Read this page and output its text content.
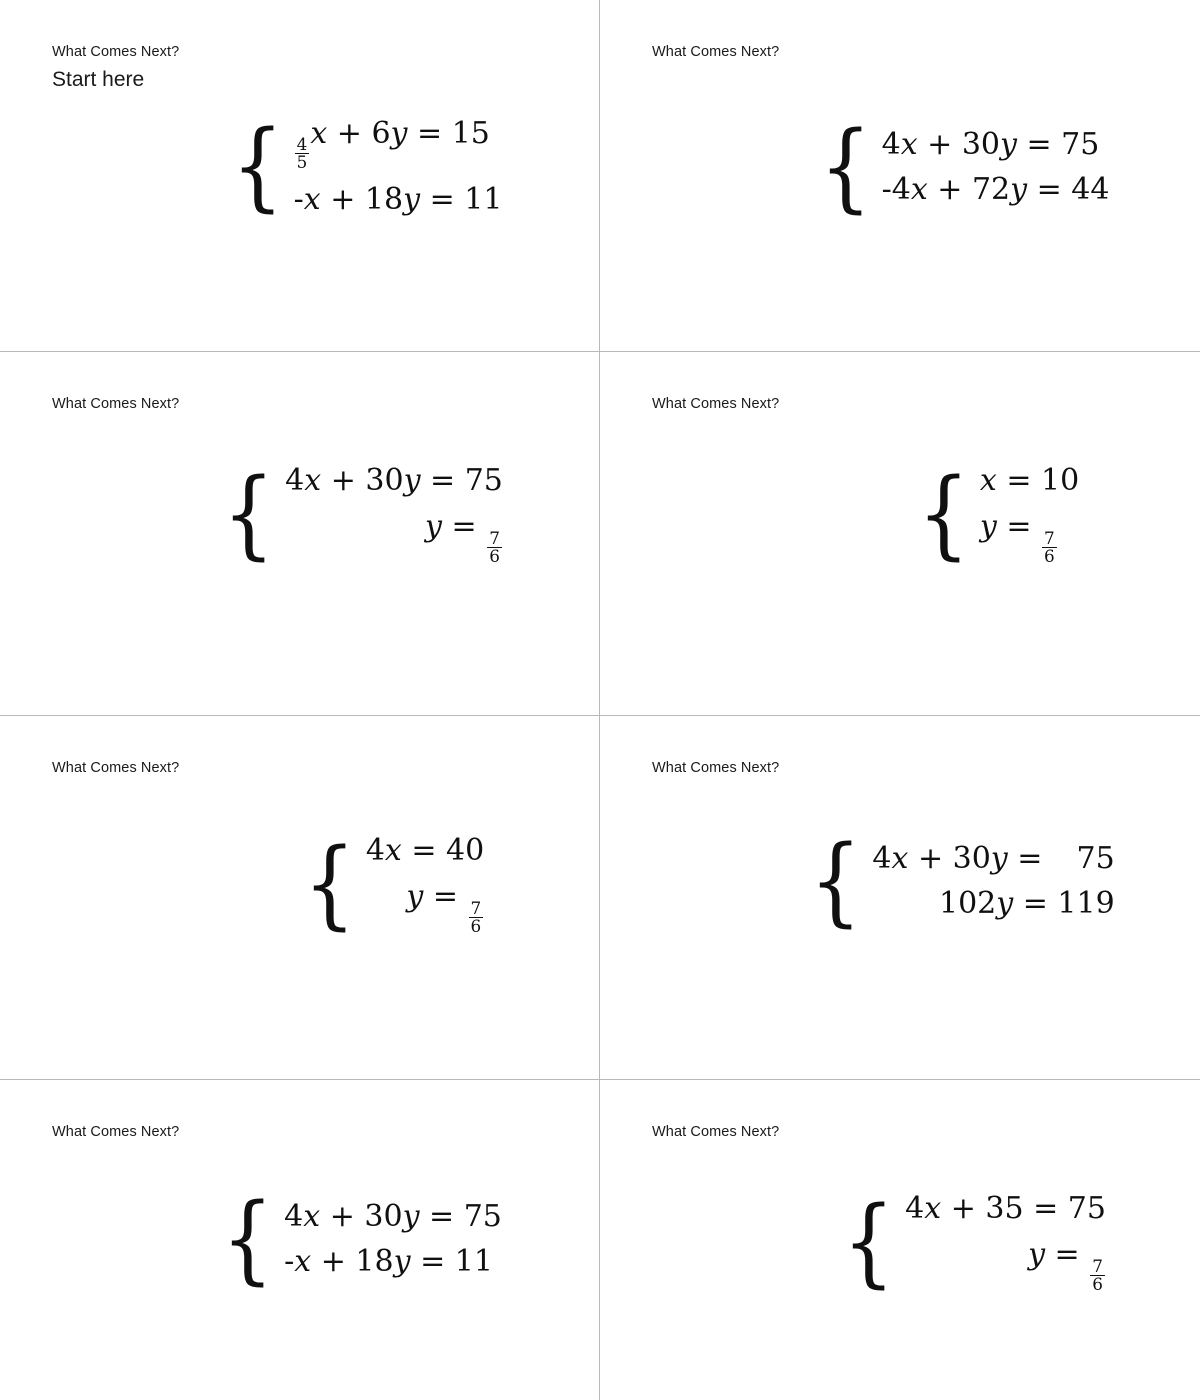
What Comes Next?
Start here
{ $\frac{4}{5}$
x + 6y = 15
-x + 18y = 11
What Comes Next?
{ 4x + 30y = 75
-4x + 72y = 44
What Comes Next?
{ 4x + 30y = 75
y =
$\frac{7}{6}$
What Comes Next?
{ x = 10
y =
$\frac{7}{6}$
What Comes Next?
{ 4x = 40
y =
$\frac{7}{6}$
What Comes Next?
{ 4x + 30y =  75
102y = 119
What Comes Next?
{ 4x + 30y = 75
-x + 18y = 11
What Comes Next?
{ 4x + 35 = 75
y =
$\frac{7}{6}$
